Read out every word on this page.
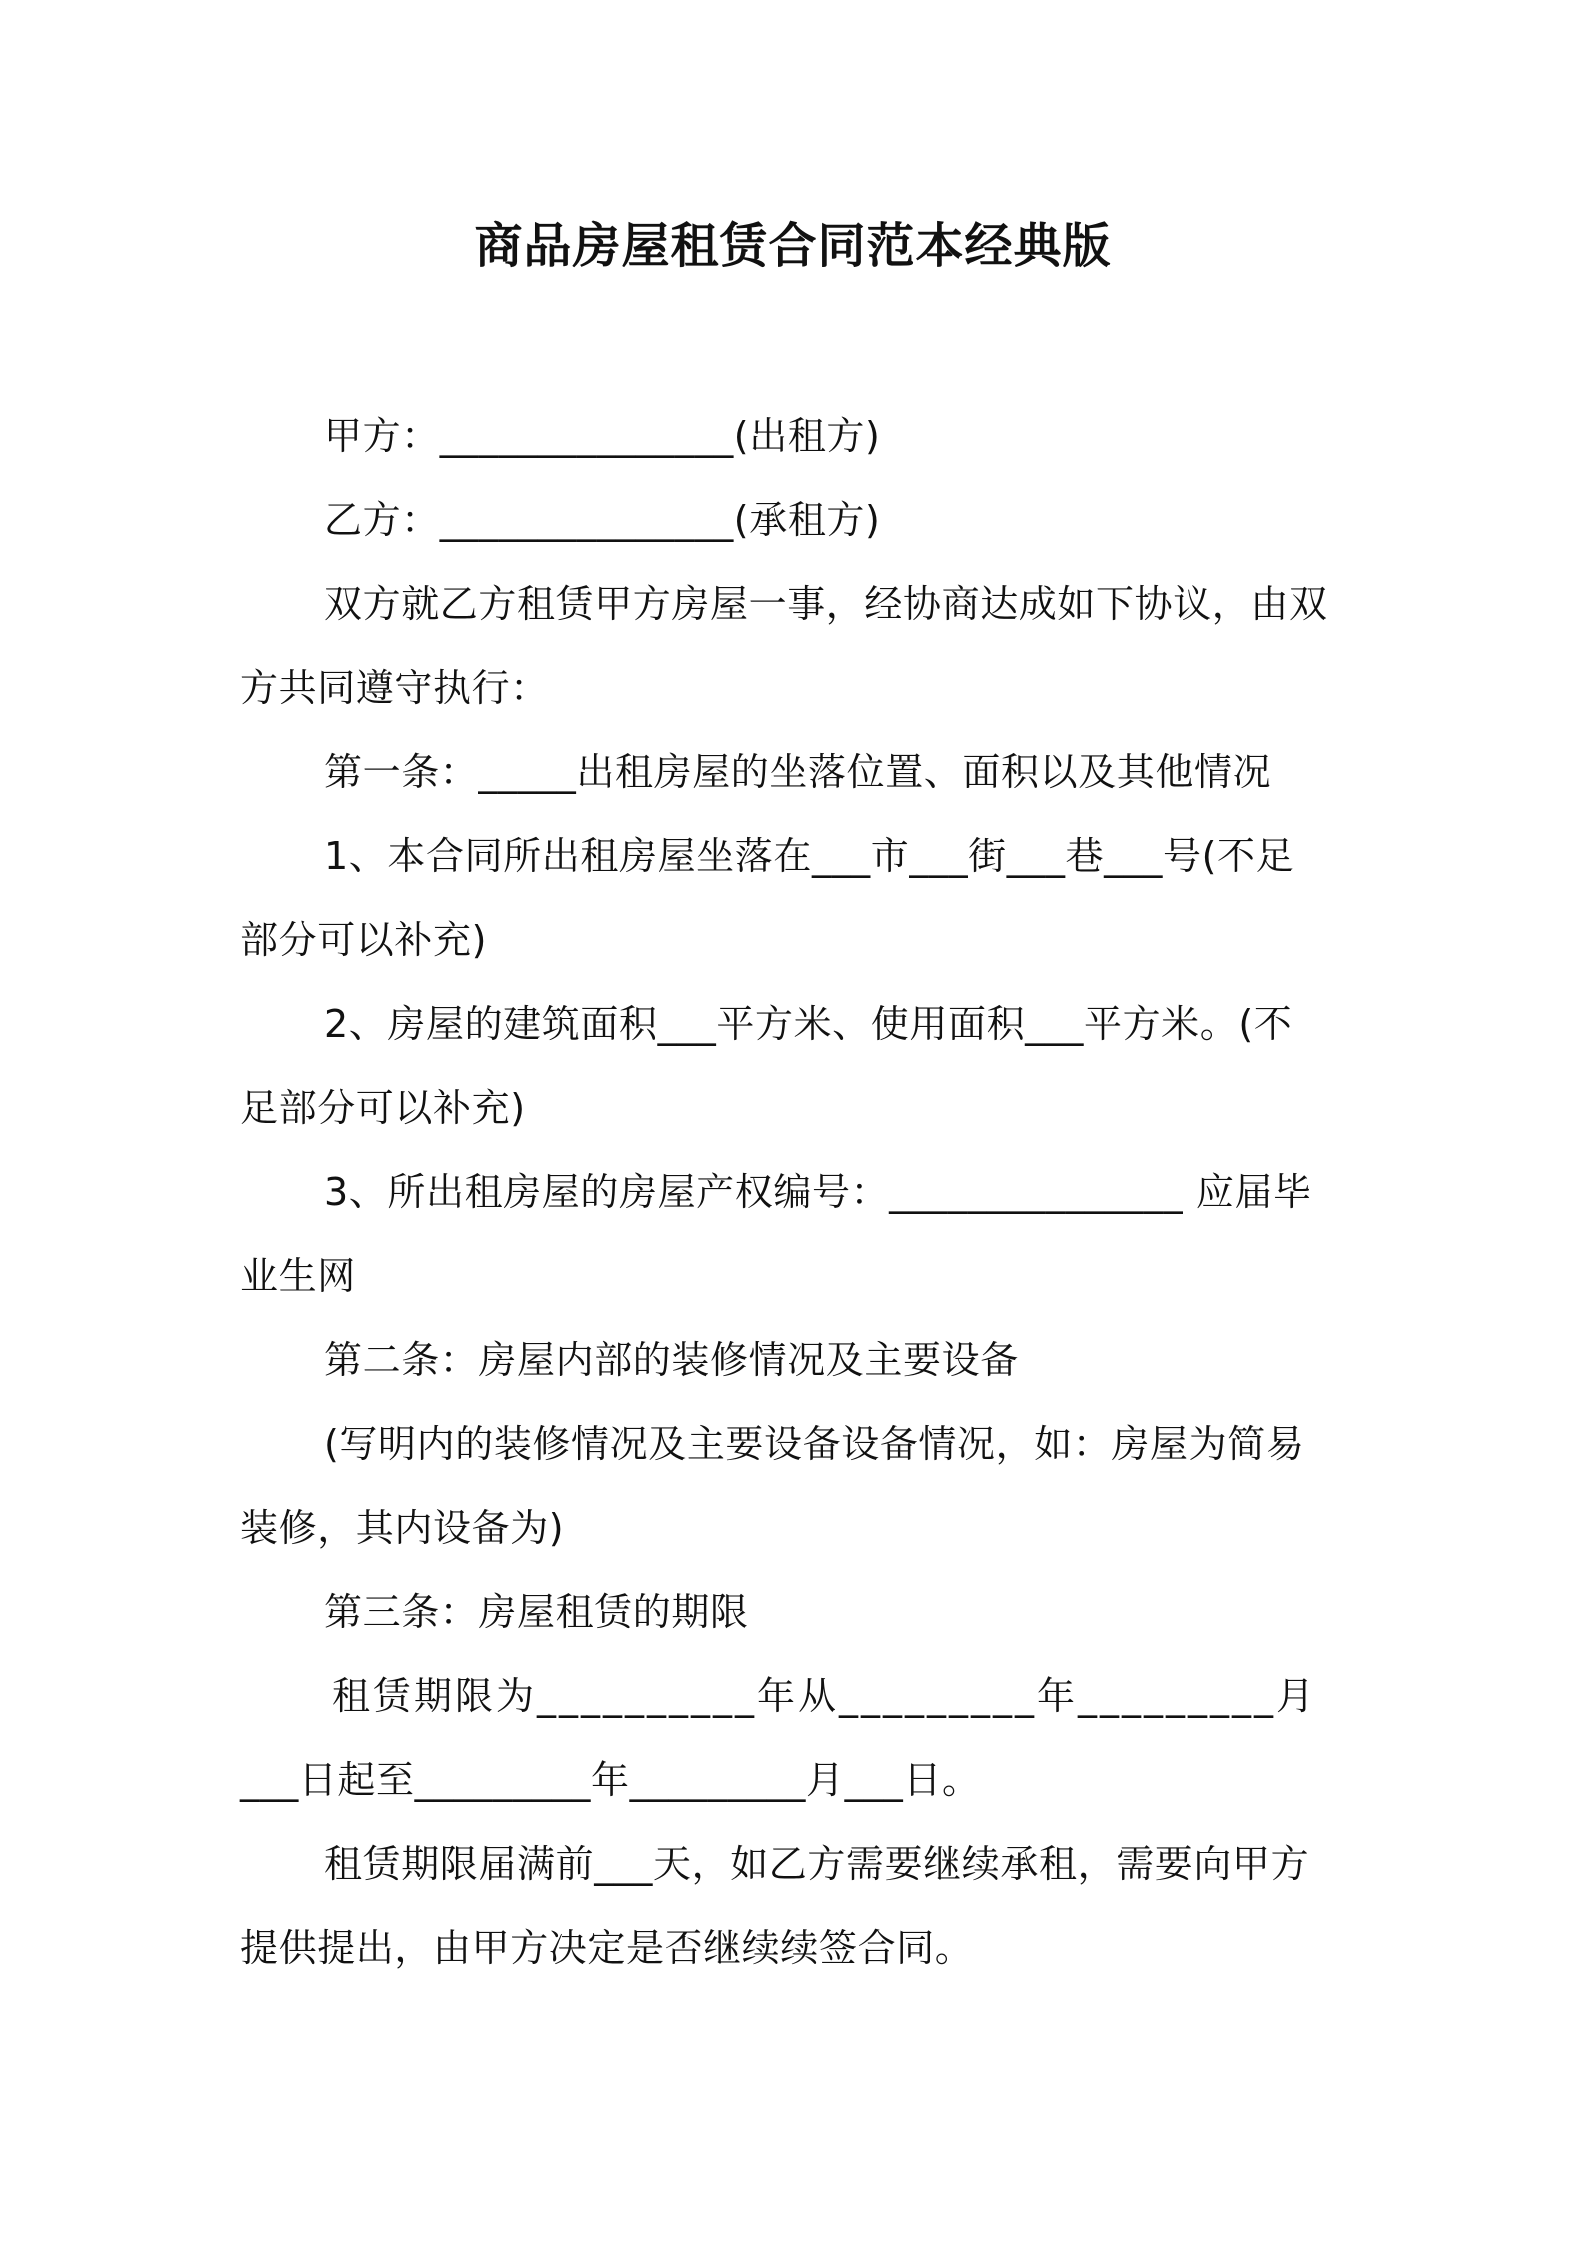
商品房屋租赁合同范本经典版
甲方：_______________(出租方)
乙方：_______________(承租方)
双方就乙方租赁甲方房屋一事，经协商达成如下协议，由双
方共同遵守执行：
第一条：_____出租房屋的坐落位置、面积以及其他情况
1、本合同所出租房屋坐落在___市___街___巷___号(不足
部分可以补充)
2、房屋的建筑面积___平方米、使用面积___平方米。(不
足部分可以补充)
3、所出租房屋的房屋产权编号：_______________ 应届毕
业生网
第二条：房屋内部的装修情况及主要设备
(写明内的装修情况及主要设备设备情况，如：房屋为简易
装修，其内设备为)
第三条：房屋租赁的期限
租赁期限为__________年从_________年_________月
___日起至_________年_________月___日。
租赁期限届满前___天，如乙方需要继续承租，需要向甲方
提供提出，由甲方决定是否继续续签合同。
